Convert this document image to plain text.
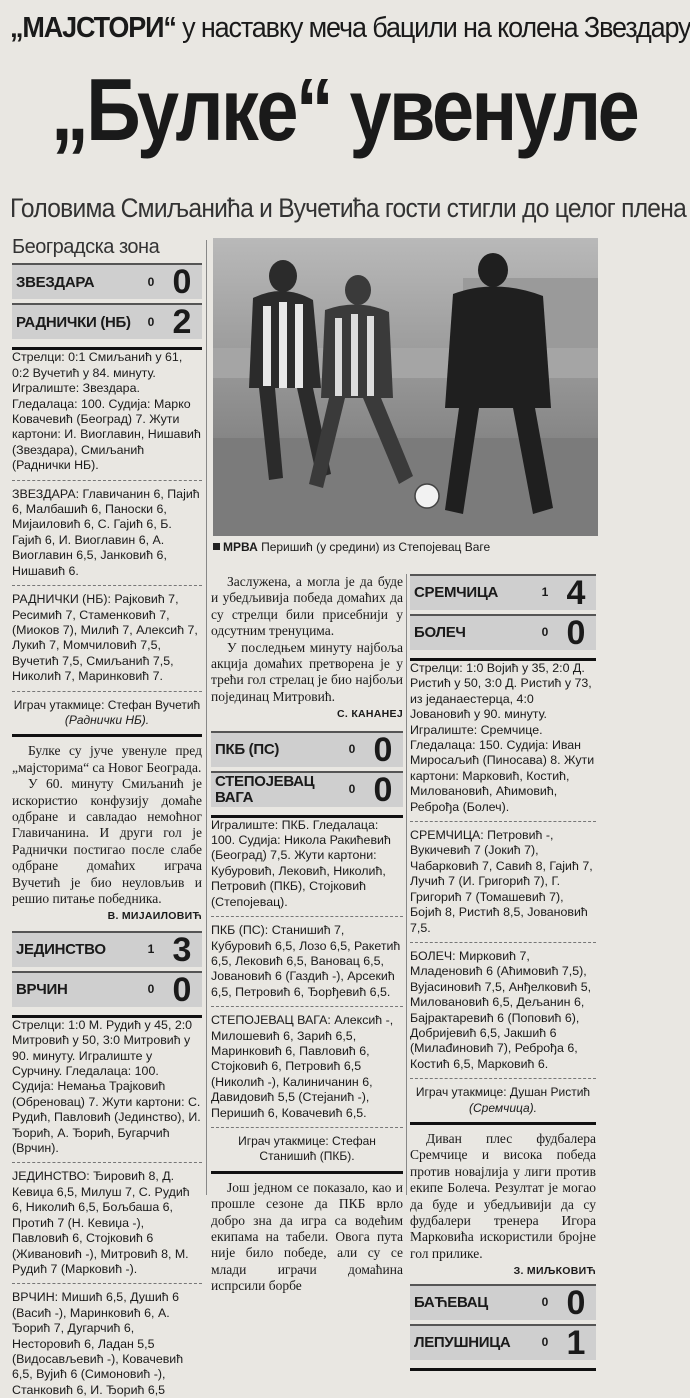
„МАЈСТОРИ“ у наставку меча бацили на колена Звездару
„Булке“ увенуле
Головима Смиљанића и Вучетића гости стигли до целог плена
Београдска зона
ЗВЕЗДАРА	0 0
РАДНИЧКИ (НБ)	0 2

Стрелци: 0:1 Смиљанић у 61, 0:2 Вучетић у 84. минуту. Игралиште: Звездара. Гледалаца: 100. Судија: Марко Ковачевић (Београд) 7. Жути картони: И. Виоглавин, Нишавић (Звездара), Смиљанић (Раднички НБ).

ЗВЕЗДАРА: Главичанин 6, Пајић 6, Малбашић 6, Паноски 6, Мијаиловић 6, С. Гајић 6, Б. Гајић 6, И. Виоглавин 6, А. Виоглавин 6,5, Јанковић 6, Нишавић 6.

РАДНИЧКИ (НБ): Рајковић 7, Ресимић 7, Стаменковић 7, (Миоков 7), Милић 7, Алексић 7, Лукић 7, Момчиловић 7,5, Вучетић 7,5, Смиљанић 7,5, Николић 7, Маринковић 7.

Играч утакмице: Стефан Вучетић
(Раднички НБ).

Булке су јуче увенуле пред „мајсторима“ са Новог Београда.

У 60. минуту Смиљанић је искористио конфузију домаће одбране и савладао немоћног Главичанина. И други гол је Раднички постигао после слабе одбране домаћих играча Вучетић је био неуловљив и решио питање победника.

В. МИЈАИЛОВИЋ
ЈЕДИНСТВО	1 3
ВРЧИН	0 0

Стрелци: 1:0 М. Рудић у 45, 2:0 Митровић у 50, 3:0 Митровић у 90. минуту. Игралиште у Сурчину. Гледалаца: 100. Судија: Немања Трајковић (Обреновац) 7. Жути картони: С. Рудић, Павловић (Јединство), И. Ђорић, А. Ђорић, Бугарчић (Врчин).

ЈЕДИНСТВО: Ђировић 8, Д. Кевиџа 6,5, Милуш 7, С. Рудић 6, Николић 6,5, Бољбаша 6, Протић 7 (Н. Кевиџа -), Павловић 6, Стојковић 6 (Живановић -), Митровић 8, М. Рудић 7 (Марковић -).

ВРЧИН: Мишић 6,5, Душић 6 (Васић -), Маринковић 6, А. Ђорић 7, Дугарчић 6, Несторовић 6, Ладан 5,5 (Видосављевић -), Ковачевић 6,5, Вујић 6 (Симоновић -), Станковић 6, И. Ђорић 6,5

МРВА Перишић (у средини) из Степојевац Ваге

Заслужена, а могла је да буде и убедљивија победа домаћих да су стрелци били присебнији у одсутним тренуцима.

У последњем минуту најбоља акција домаћих претворена је у трећи гол стрелац је био најбољи појединац Митровић.

С. КАНАНЕЈ
ПКБ (ПС)	0 0
СТЕПОЈЕВАЦ ВАГА	0 0

Игралиште: ПКБ. Гледалаца: 100. Судија: Никола Ракићевић (Београд) 7,5. Жути картони: Кубуровић, Лековић, Николић, Петровић (ПКБ), Стојковић (Степојевац).

ПКБ (ПС): Станишић 7, Кубуровић 6,5, Лозо 6,5, Ракетић 6,5, Лековић 6,5, Вановац 6,5, Јовановић 6 (Газдић -), Арсекић 6,5, Петровић 6, Ђорђевић 6,5.

СТЕПОЈЕВАЦ ВАГА: Алексић -, Милошевић 6, Зарић 6,5, Маринковић 6, Павловић 6, Стојковић 6, Петровић 6,5 (Николић -), Калиничанин 6, Давидовић 5,5 (Стејанић -), Перишић 6, Ковачевић 6,5.

Играч утакмице: Стефан Станишић (ПКБ).

Још једном се показало, као и прошле сезоне да ПКБ врло добро зна да игра са водећим екипама на табели. Овога пута није било победе, али су се млади играчи домаћина испрсили борбе

СРЕМЧИЦА	1 4
БОЛЕЧ	0 0

Стрелци: 1:0 Војић у 35, 2:0 Д. Ристић у 50, 3:0 Д. Ристић у 73, из једанаестерца, 4:0 Јовановић у 90. минуту. Игралиште: Сремчице. Гледалаца: 150. Судија: Иван Миросаљић (Пиносава) 8. Жути картони: Марковић, Костић, Миловановић, Аћимовић, Реброђа (Болеч).

СРЕМЧИЦА: Петровић -, Вукичевић 7 (Јокић 7), Чабарковић 7, Савић 8, Гајић 7, Лучић 7 (И. Григорић 7), Г. Григорић 7 (Томашевић 7), Бојић 8, Ристић 8,5, Јовановић 7,5.

БОЛЕЧ: Мирковић 7, Младеновић 6 (Аћимовић 7,5), Вујасиновић 7,5, Анђелковић 5, Миловановић 6,5, Дељанин 6, Бајрактаревић 6 (Поповић 6), Добријевић 6,5, Јакшић 6 (Милаđиновић 7), Реброђа 6, Костић 6,5, Марковић 6.

Играч утакмице: Душан Ристић
(Сремчица).

Диван плес фудбалера Сремчице и висока победа против новајлија у лиги против екипе Болеча. Резултат је могао да буде и убедљивији да су фудбалери тренера Игора Марковића искористили бројне гол прилике.

З. МИЉКОВИЋ
БАЋЕВАЦ	0 0
ЛЕПУШНИЦА	0 1
